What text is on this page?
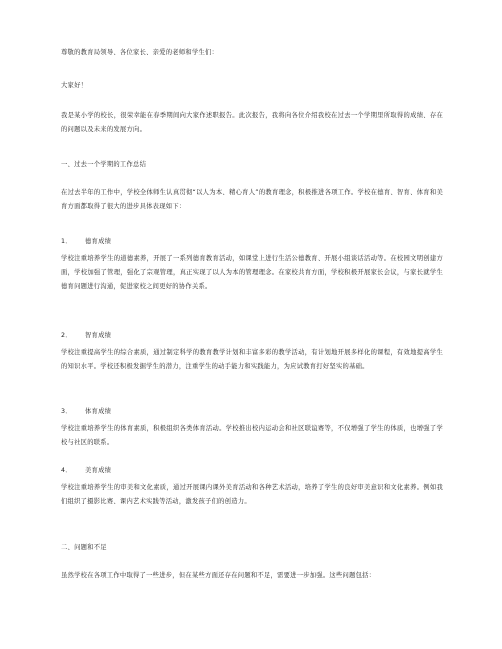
尊敬的教育局领导、各位家长、亲爱的老师和学生们：
大家好！
我是某小学的校长，很荣幸能在春季期间向大家作述职报告。此次报告，我将向各位介绍我校在过去一个学期里所取得的成绩、存在的问题以及未来的发展方向。
一、过去一个学期的工作总结
在过去半年的工作中，学校全体师生认真贯彻“以人为本、精心育人”的教育理念，积极推进各项工作。学校在德育、智育、体育和美育方面都取得了很大的进步具体表现如下：
1． 德育成绩
学校注重培养学生的道德素养，开展了一系列德育教育活动，如课堂上进行生活公德教育、开展小组谈话活动等。在校园文明创建方面，学校加强了管理，强化了宗观管理，真正实现了以人为本的管理理念。在家校共育方面，学校积极开展家长会议，与家长就学生德育问题进行沟通，促进家校之间更好的协作关系。
2． 智育成绩
学校注重提高学生的综合素质，通过制定科学的教育教学计划和丰富多彩的教学活动，有计划地开展多样化的课程，有效地提高学生的知识水平。学校还积极发掘学生的潜力，注重学生的动手能力和实践能力，为应试教育打好坚实的基础。
3． 体育成绩
学校注重培养学生的体育素质，积极组织各类体育活动。学校推出校内运动会和社区联谊赛等，不仅增强了学生的体质，也增强了学校与社区的联系。
4． 美育成绩
学校注重培养学生的审美和文化素质，通过开展课内课外美育活动和各种艺术活动，培养了学生的良好审美意识和文化素养。例如我们组织了摄影比赛、课内艺术实践等活动，激发孩子们的创造力。
二、问题和不足
虽然学校在各项工作中取得了一些进步，但在某些方面还存在问题和不足，需要进一步加强。这些问题包括：
